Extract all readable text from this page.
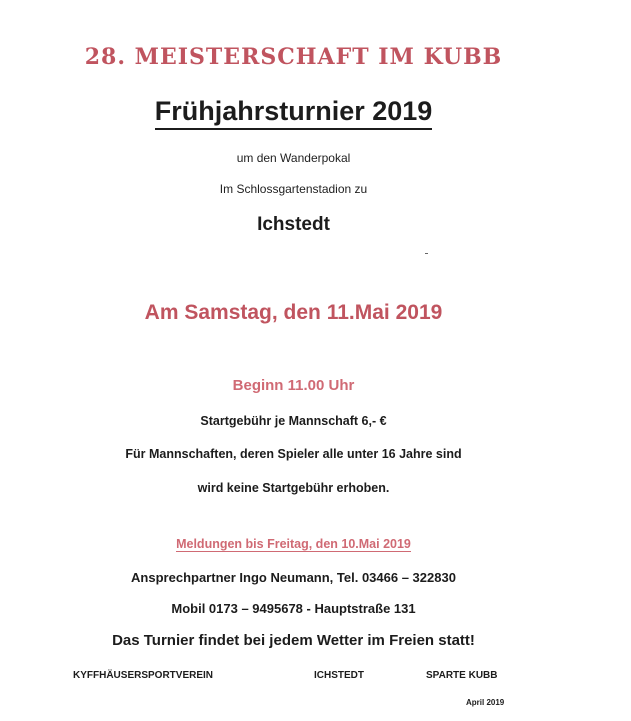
28. MEISTERSCHAFT IM KUBB
Frühjahrsturnier 2019
um den Wanderpokal
Im Schlossgartenstadion zu
Ichstedt
Am Samstag, den 11.Mai 2019
Beginn 11.00 Uhr
Startgebühr je Mannschaft 6,- €
Für Mannschaften, deren Spieler alle unter 16 Jahre sind
wird keine Startgebühr erhoben.
Meldungen bis Freitag, den 10.Mai 2019
Ansprechpartner Ingo Neumann, Tel. 03466 – 322830
Mobil 0173 – 9495678 - Hauptstraße 131
Das Turnier findet bei jedem Wetter im Freien statt!
KYFFHÄUSERSPORTVEREIN	ICHSTEDT	SPARTE KUBB
April 2019
